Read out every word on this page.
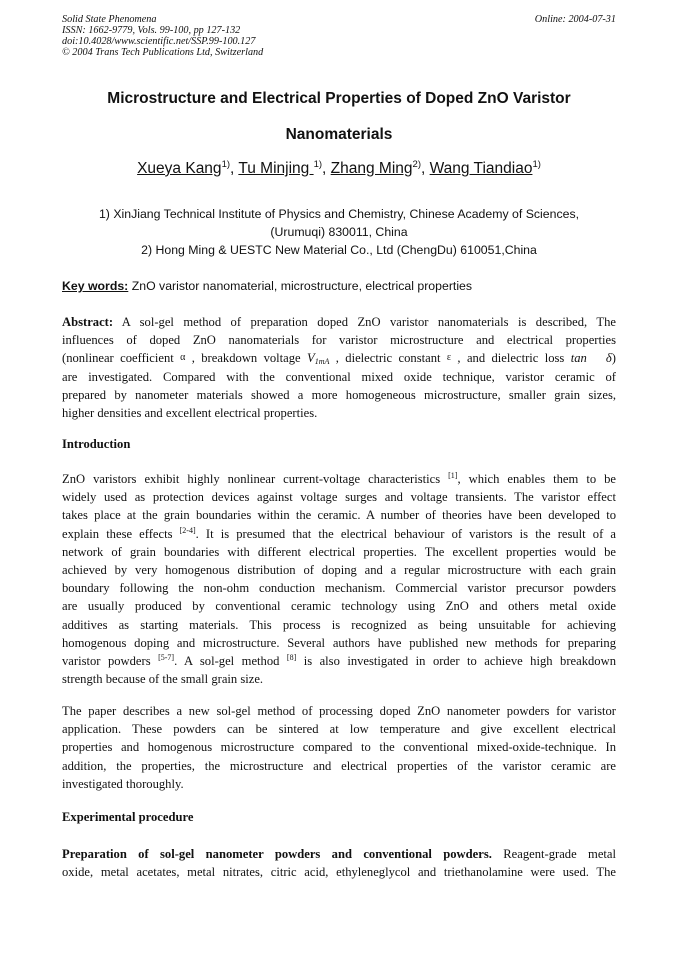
Solid State Phenomena
ISSN: 1662-9779, Vols. 99-100, pp 127-132
doi:10.4028/www.scientific.net/SSP.99-100.127
© 2004 Trans Tech Publications Ltd, Switzerland
Online: 2004-07-31
Microstructure and Electrical Properties of Doped ZnO Varistor
Nanomaterials
Xueya Kang$^{1)}$, Tu Minjing $^{1)}$, Zhang Ming$^{2)}$, Wang Tiandiao$^{1)}$
1) XinJiang Technical Institute of Physics and Chemistry, Chinese Academy of Sciences,
(Urumuqi) 830011, China
2) Hong Ming & UESTC New Material Co., Ltd (ChengDu) 610051,China
Key words: ZnO varistor nanomaterial, microstructure, electrical properties
Abstract: A sol-gel method of preparation doped ZnO varistor nanomaterials is described, The
influences of doped ZnO nanomaterials for varistor microstructure and electrical properties
(nonlinear coefficient α , breakdown voltage $V_{1mA}$ , dielectric constant ε , and dielectric loss tan δ)
are investigated. Compared with the conventional mixed oxide technique, varistor ceramic of
prepared by nanometer materials showed a more homogeneous microstructure, smaller grain sizes,
higher densities and excellent electrical properties.
Introduction
ZnO varistors exhibit highly nonlinear current-voltage characteristics [1], which enables them to be
widely used as protection devices against voltage surges and voltage transients. The varistor effect
takes place at the grain boundaries within the ceramic. A number of theories have been developed to
explain these effects [2-4]. It is presumed that the electrical behaviour of varistors is the result of a
network of grain boundaries with different electrical properties. The excellent properties would be
achieved by very homogenous distribution of doping and a regular microstructure with each grain
boundary following the non-ohm conduction mechanism. Commercial varistor precursor powders
are usually produced by conventional ceramic technology using ZnO and others metal oxide
additives as starting materials. This process is recognized as being unsuitable for achieving
homogenous doping and microstructure. Several authors have published new methods for preparing
varistor powders [5-7]. A sol-gel method [8] is also investigated in order to achieve high breakdown
strength because of the small grain size.
The paper describes a new sol-gel method of processing doped ZnO nanometer powders for varistor
application. These powders can be sintered at low temperature and give excellent electrical
properties and homogenous microstructure compared to the conventional mixed-oxide-technique. In
addition, the properties, the microstructure and electrical properties of the varistor ceramic are
investigated thoroughly.
Experimental procedure
Preparation of sol-gel nanometer powders and conventional powders. Reagent-grade metal
oxide, metal acetates, metal nitrates, citric acid, ethyleneglycol and triethanolamine were used. The
